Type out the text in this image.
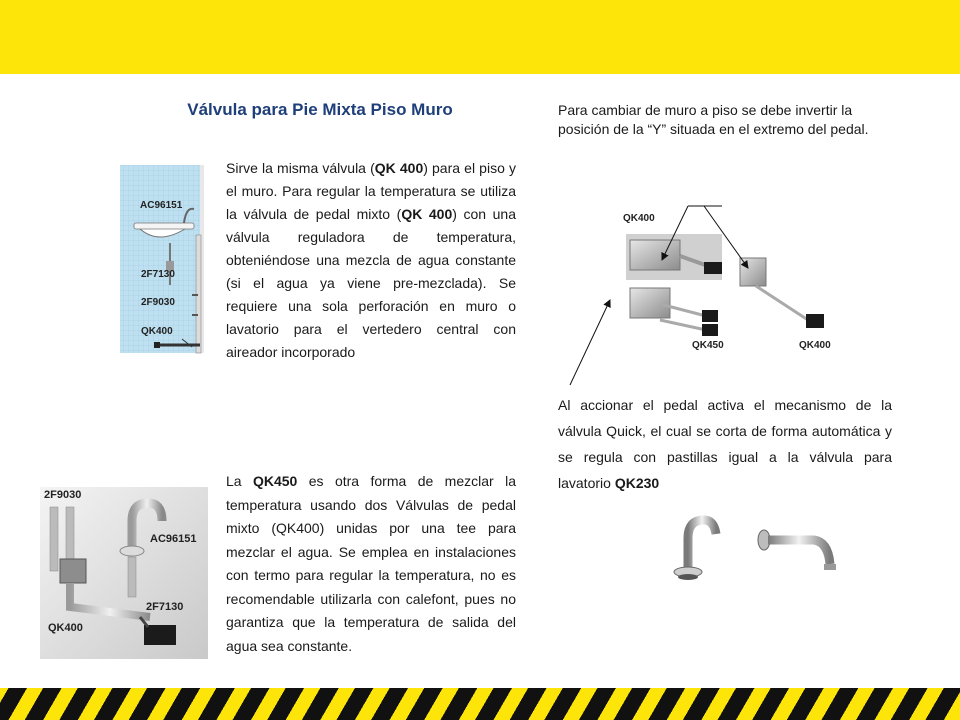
Válvula para Pie Mixta Piso Muro
AC96151
2F7130
2F9030
QK400

Sirve la misma válvula (QK 400) para el piso y el muro. Para regular la temperatura se utiliza la válvula de pedal mixto (QK 400) con una válvula reguladora de temperatura, obteniéndose una mezcla de agua constante (si el agua ya viene pre-mezclada). Se requiere una sola perforación en muro o lavatorio para el vertedero central con aireador incorporado

2F9030
AC96151
2F7130
QK400

La QK450 es otra forma de mezclar la temperatura usando dos Válvulas de pedal mixto (QK400) unidas por una tee para mezclar el agua. Se emplea en instalaciones con termo para regular la temperatura, no es recomendable utilizarla con calefont, pues no garantiza que la temperatura de salida del agua sea constante.

Para cambiar de muro a piso se debe invertir la posición de la “Y” situada en el extremo del pedal.

QK400
QK450	QK400

Al accionar el pedal activa el mecanismo de la válvula Quick, el cual se corta de forma automática y se regula con pastillas igual a la válvula para lavatorio QK230
